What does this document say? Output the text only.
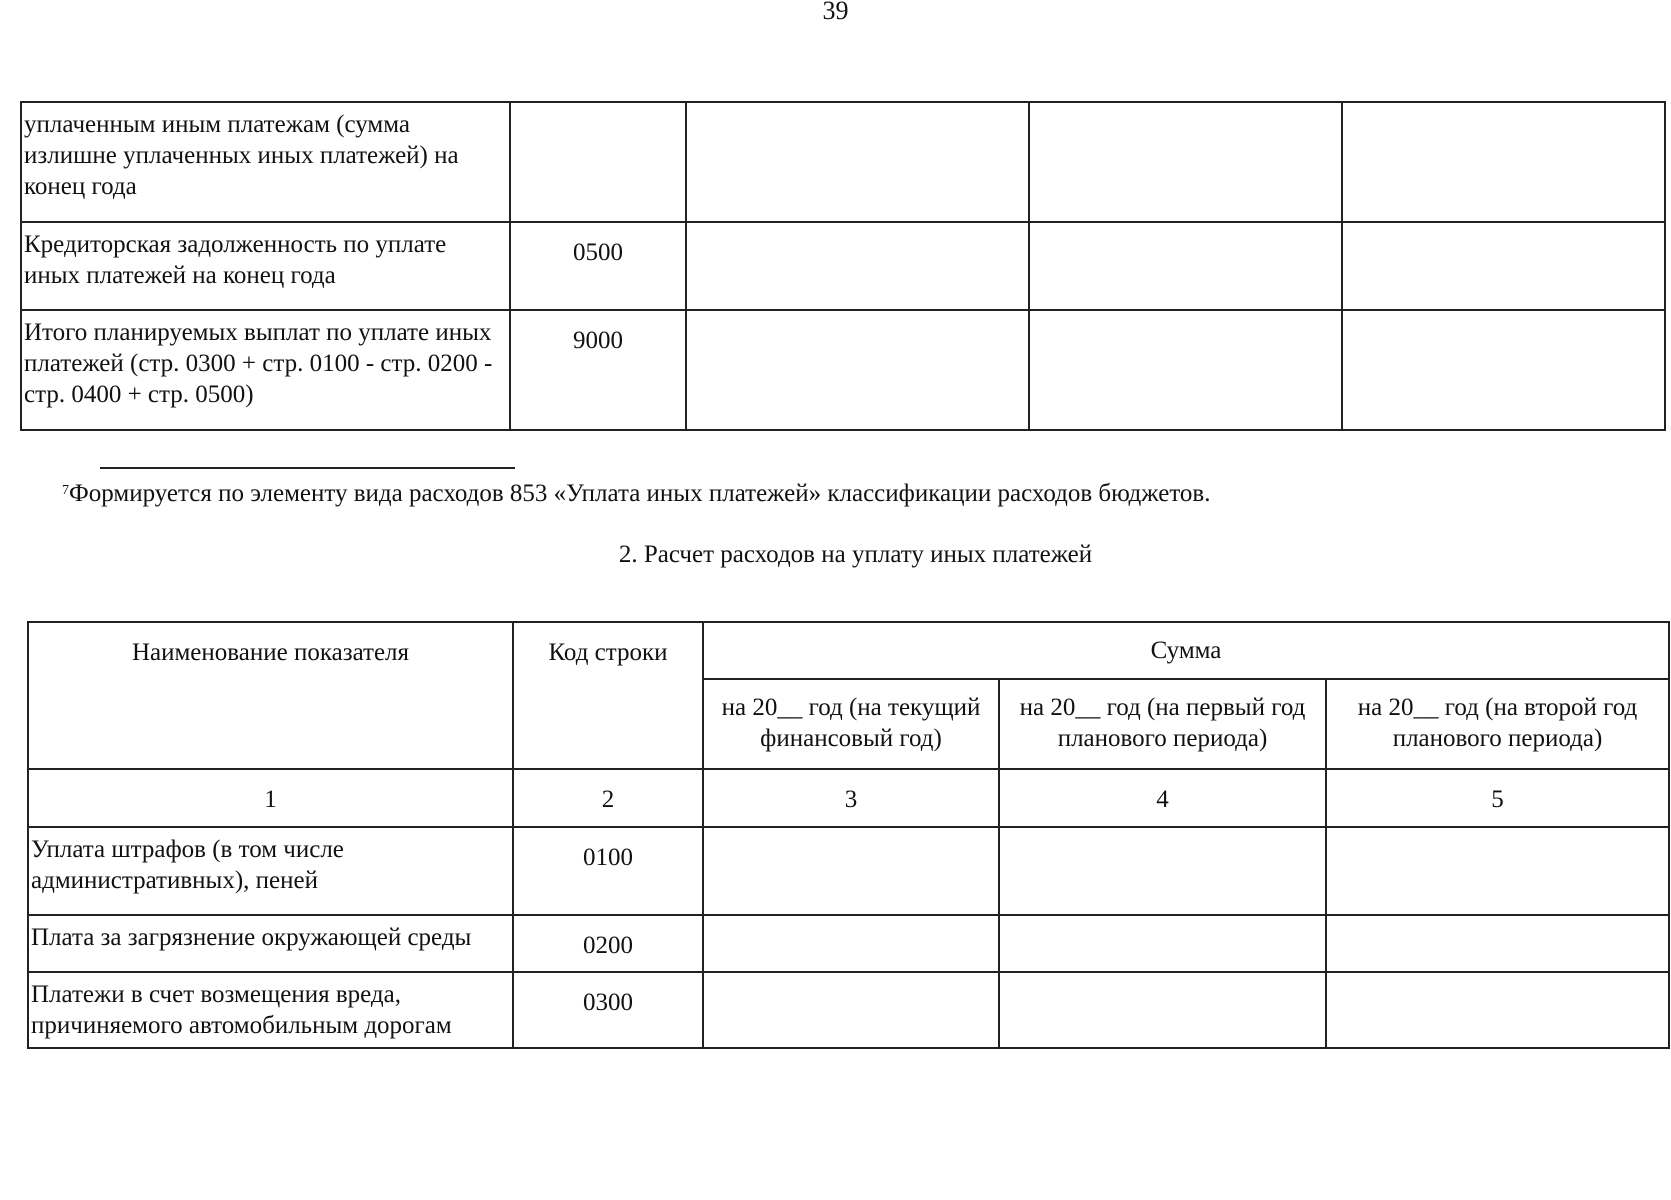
39
уплаченным иным платежам (сумма излишне уплаченных иных платежей) на конец года				
Кредиторская задолженность по уплате иных платежей на конец года	0500			
Итого планируемых выплат по уплате иных платежей (стр. 0300 + стр. 0100 - стр. 0200 - стр. 0400 + стр. 0500)	9000			
$^7$Формируется по элементу вида расходов 853 «Уплата иных платежей» классификации расходов бюджетов.
2. Расчет расходов на уплату иных платежей
Наименование показателя	Код строки	Сумма		
		на 20__ год (на текущий финансовый год)	на 20__ год (на первый год планового периода)	на 20__ год (на второй год планового периода)
1	2	3	4	5
Уплата штрафов (в том числе административных), пеней	0100			
Плата за загрязнение окружающей среды	0200			
Платежи в счет возмещения вреда, причиняемого автомобильным дорогам	0300			
